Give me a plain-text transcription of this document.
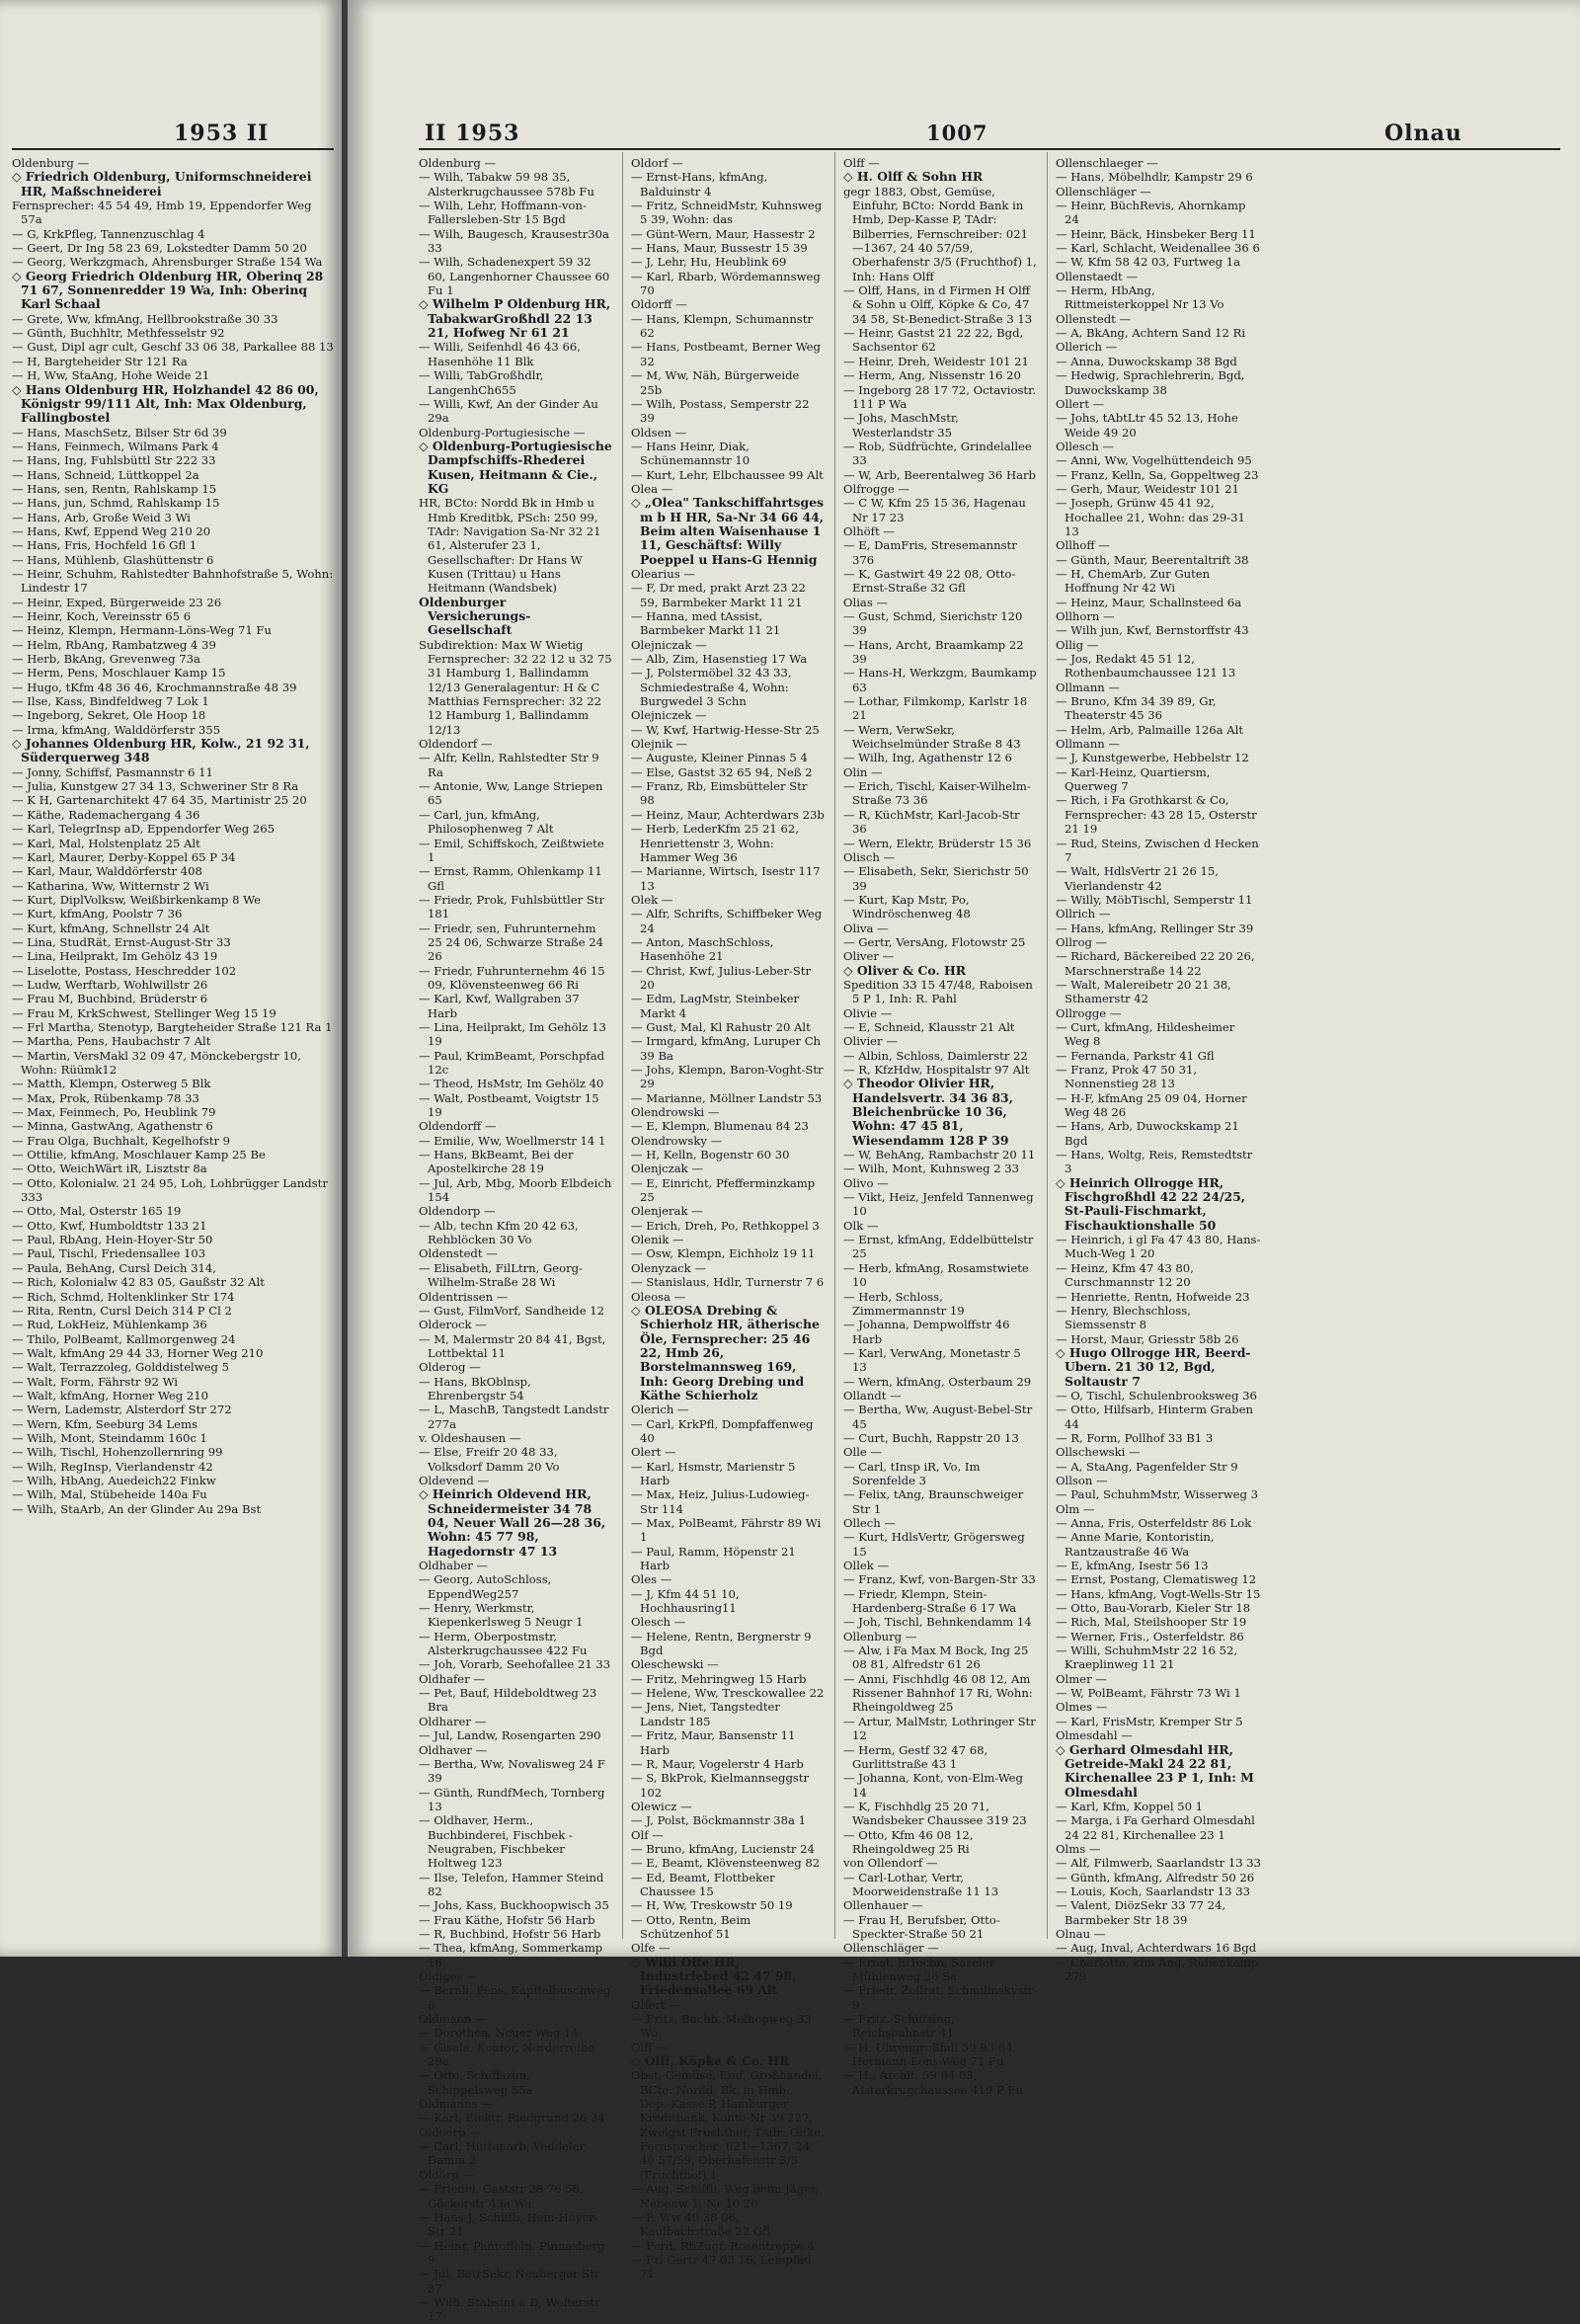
1953 II

Oldenburg —

◇ Friedrich Oldenburg, Uniformschneiderei HR, Maßschneiderei

Fernsprecher: 45 54 49, Hmb 19, Eppendorfer Weg 57a

— G, KrkPfleg, Tannenzuschlag 4

— Geert, Dr Ing 58 23 69, Lokstedter Damm 50 20

— Georg, Werkzgmach, Ahrensburger Straße 154 Wa

◇ Georg Friedrich Oldenburg HR, Oberinq 28 71 67, Sonnenredder 19 Wa, Inh: Oberinq Karl Schaal

— Grete, Ww, kfmAng, Hellbrookstraße 30 33

— Günth, Buchhltr, Methfesselstr 92

— Gust, Dipl agr cult, Geschf 33 06 38, Parkallee 88 13

— H, Bargteheider Str 121 Ra

— H, Ww, StaAng, Hohe Weide 21

◇ Hans Oldenburg HR, Holzhandel 42 86 00, Königstr 99/111 Alt, Inh: Max Oldenburg, Fallingbostel

— Hans, MaschSetz, Bilser Str 6d 39

— Hans, Feinmech, Wilmans Park 4

— Hans, Ing, Fuhlsbüttl Str 222 33

— Hans, Schneid, Lüttkoppel 2a

— Hans, sen, Rentn, Rahlskamp 15

— Hans, jun, Schmd, Rahlskamp 15

— Hans, Arb, Große Weid 3 Wi

— Hans, Kwf, Eppend Weg 210 20

— Hans, Fris, Hochfeld 16 Gfl 1

— Hans, Mühlenb, Glashüttenstr 6

— Heinr, Schuhm, Rahlstedter Bahnhofstraße 5, Wohn: Lindestr 17

— Heinr, Exped, Bürgerweide 23 26

— Heinr, Koch, Vereinsstr 65 6

— Heinz, Klempn, Hermann-Löns-Weg 71 Fu

— Helm, RbAng, Rambatzweg 4 39

— Herb, BkAng, Grevenweg 73a

— Herm, Pens, Moschlauer Kamp 15

— Hugo, tKfm 48 36 46, Krochmannstraße 48 39

— Ilse, Kass, Bindfeldweg 7 Lok 1

— Ingeborg, Sekret, Ole Hoop 18

— Irma, kfmAng, Walddörferstr 355

◇ Johannes Oldenburg HR, Kolw., 21 92 31, Süderquerweg 348

— Jonny, Schiffsf, Pasmannstr 6 11

— Julia, Kunstgew 27 34 13, Schweriner Str 8 Ra

— K H, Gartenarchitekt 47 64 35, Martinistr 25 20

— Käthe, Rademachergang 4 36

— Karl, TelegrInsp aD, Eppendorfer Weg 265

— Karl, Mal, Holstenplatz 25 Alt

— Karl, Maurer, Derby-Koppel 65 P 34

— Karl, Maur, Walddörferstr 408

— Katharina, Ww, Witternstr 2 Wi

— Kurt, DiplVolksw, Weißbirkenkamp 8 We

— Kurt, kfmAng, Poolstr 7 36

— Kurt, kfmAng, Schnellstr 24 Alt

— Lina, StudRät, Ernst-August-Str 33

— Lina, Heilprakt, Im Gehölz 43 19

— Liselotte, Postass, Heschredder 102

— Ludw, Werftarb, Wohlwillstr 26

— Frau M, Buchbind, Brüderstr 6

— Frau M, KrkSchwest, Stellinger Weg 15 19

— Frl Martha, Stenotyp, Bargteheider Straße 121 Ra 1

— Martha, Pens, Haubachstr 7 Alt

— Martin, VersMakl 32 09 47, Mönckebergstr 10, Wohn: Rüümk12

— Matth, Klempn, Osterweg 5 Blk

— Max, Prok, Rübenkamp 78 33

— Max, Feinmech, Po, Heublink 79

— Minna, GastwAng, Agathenstr 6

— Frau Olga, Buchhalt, Kegelhofstr 9

— Ottilie, kfmAng, Moschlauer Kamp 25 Be

— Otto, WeichWärt iR, Lisztstr 8a

— Otto, Kolonialw. 21 24 95, Loh, Lohbrügger Landstr 333

— Otto, Mal, Osterstr 165 19

— Otto, Kwf, Humboldtstr 133 21

— Paul, RbAng, Hein-Hoyer-Str 50

— Paul, Tischl, Friedensallee 103

— Paula, BehAng, Cursl Deich 314,

— Rich, Kolonialw 42 83 05, Gaußstr 32 Alt

— Rich, Schmd, Holtenklinker Str 174

— Rita, Rentn, Cursl Deich 314 P Cl 2

— Rud, LokHeiz, Mühlenkamp 36

— Thilo, PolBeamt, Kallmorgenweg 24

— Walt, kfmAng 29 44 33, Horner Weg 210

— Walt, Terrazzoleg, Golddistelweg 5

— Walt, Form, Fährstr 92 Wi

— Walt, kfmAng, Horner Weg 210

— Wern, Lademstr, Alsterdorf Str 272

— Wern, Kfm, Seeburg 34 Lems

— Wilh, Mont, Steindamm 160c 1

— Wilh, Tischl, Hohenzollernring 99

— Wilh, RegInsp, Vierlandenstr 42

— Wilh, HbAng, Auedeich22 Finkw

— Wilh, Mal, Stübeheide 140a Fu

— Wilh, StaArb, An der Glinder Au 29a Bst

II 1953	1007	Olnau

Oldenburg —

— Wilh, Tabakw 59 98 35, Alsterkrugchaussee 578b Fu

— Wilh, Lehr, Hoffmann-von-Fallersleben-Str 15 Bgd

— Wilh, Baugesch, Krausestr30a 33

— Wilh, Schadenexpert 59 32 60, Langenhorner Chaussee 60 Fu 1

◇ Wilhelm P Oldenburg HR, TabakwarGroßhdl 22 13 21, Hofweg Nr 61 21

— Willi, Seifenhdl 46 43 66, Hasenhöhe 11 Blk

— Willi, TabGroßhdlr, LangenhCh655

— Willi, Kwf, An der Ginder Au 29a

Oldenburg-Portugiesische —

◇ Oldenburg-Portugiesische Dampfschiffs-Rhederei Kusen, Heitmann & Cie., KG

HR, BCto: Nordd Bk in Hmb u Hmb Kreditbk, PSch: 250 99, TAdr: Navigation Sa-Nr 32 21 61, Alsterufer 23 1, Gesellschafter: Dr Hans W Kusen (Trittau) u Hans Heitmann (Wandsbek)

Oldenburger Versicherungs-Gesellschaft

Subdirektion: Max W Wietig Fernsprecher: 32 22 12 u 32 75 31 Hamburg 1, Ballindamm 12/13 Generalagentur: H & C Matthias Fernsprecher: 32 22 12 Hamburg 1, Ballindamm 12/13

Oldendorf —

— Alfr, Kelln, Rahlstedter Str 9 Ra

— Antonie, Ww, Lange Striepen 65

— Carl, jun, kfmAng, Philosophenweg 7 Alt

— Emil, Schiffskoch, Zeißtwiete 1

— Ernst, Ramm, Ohlenkamp 11 Gfl

— Friedr, Prok, Fuhlsbüttler Str 181

— Friedr, sen, Fuhrunternehm 25 24 06, Schwarze Straße 24 26

— Friedr, Fuhrunternehm 46 15 09, Klövensteenweg 66 Ri

— Karl, Kwf, Wallgraben 37 Harb

— Lina, Heilprakt, Im Gehölz 13 19

— Paul, KrimBeamt, Porschpfad 12c

— Theod, HsMstr, Im Gehölz 40

— Walt, Postbeamt, Voigtstr 15 19

Oldendorff —

— Emilie, Ww, Woellmerstr 14 1

— Hans, BkBeamt, Bei der Apostelkirche 28 19

— Jul, Arb, Mbg, Moorb Elbdeich 154

Oldendorp —

— Alb, techn Kfm 20 42 63, Rehblöcken 30 Vo

Oldenstedt —

— Elisabeth, FilLtrn, Georg-Wilhelm-Straße 28 Wi

Oldentrissen —

— Gust, FilmVorf, Sandheide 12

Olderock —

— M, Malermstr 20 84 41, Bgst, Lottbektal 11

Olderog —

— Hans, BkOblnsp, Ehrenbergstr 54

— L, MaschB, Tangstedt Landstr 277a

v. Oldeshausen —

— Else, Freifr 20 48 33, Volksdorf Damm 20 Vo

Oldevend —

◇ Heinrich Oldevend HR, Schneidermeister 34 78 04, Neuer Wall 26—28 36, Wohn: 45 77 98, Hagedornstr 47 13

Oldhaber —

— Georg, AutoSchloss, EppendWeg257

— Henry, Werkmstr, Kiepenkerlsweg 5 Neugr 1

— Herm, Oberpostmstr, Alsterkrugchaussee 422 Fu

— Joh, Vorarb, Seehofallee 21 33

Oldhafer —

— Pet, Bauf, Hildeboldtweg 23 Bra

Oldharer —

— Jul, Landw, Rosengarten 290

Oldhaver —

— Bertha, Ww, Novalisweg 24 F 39

— Günth, RundfMech, Tornberg 13

— Oldhaver, Herm., Buchbinderei, Fischbek - Neugraben, Fischbeker Holtweg 123

— Ilse, Telefon, Hammer Steind 82

— Johs, Kass, Buckhoopwisch 35

— Frau Käthe, Hofstr 56 Harb

— R, Buchbind, Hofstr 56 Harb

— Thea, kfmAng, Sommerkamp 16

Oldiges —

— Bernh, Pens, Kapitelbuschweg 8

Oldmann —

— Dorothea, Neuer Weg 14

— Gisela, Kontor, Norderreihe 29a

— Otto, Schiffszim, Schippelsweg 55a

Oldmanns —

— Karl, Elektr, Riedgrund 26 34

Oldoerp —

— Carl, Hüttenarb, Veddeler Damm 2

Oldörp —

— Friedel, Gaststr 28 76 58, Göckerstr 43a Wa

— Hans-J, Schiffb, Hein-Hoyer-Str 21

— Heinr, Pantoffeln, Pinnasberg 9

— Jul, BetrSekr, Neuberger Str 37

— Wilh, Stabsint a D, Wolterstr 17

Oldorf —

— Ernst-Hans, kfmAng, Balduinstr 4

— Fritz, SchneidMstr, Kuhnsweg 5 39, Wohn: das

— Günt-Wern, Maur, Hassestr 2

— Hans, Maur, Bussestr 15 39

— J, Lehr, Hu, Heublink 69

— Karl, Rbarb, Wördemannsweg 70

Oldorff —

— Hans, Klempn, Schumannstr 62

— Hans, Postbeamt, Berner Weg 32

— M, Ww, Näh, Bürgerweide 25b

— Wilh, Postass, Semperstr 22 39

Oldsen —

— Hans Heinr, Diak, Schünemannstr 10

— Kurt, Lehr, Elbchaussee 99 Alt

Olea —

◇ „Olea" Tankschiffahrtsges m b H HR, Sa-Nr 34 66 44, Beim alten Waisenhause 1 11, Geschäftsf: Willy Poeppel u Hans-G Hennig

Olearius —

— F, Dr med, prakt Arzt 23 22 59, Barmbeker Markt 11 21

— Hanna, med tAssist, Barmbeker Markt 11 21

Olejniczak —

— Alb, Zim, Hasenstieg 17 Wa

— J, Polstermöbel 32 43 33, Schmiedestraße 4, Wohn: Burgwedel 3 Schn

Olejniczek —

— W, Kwf, Hartwig-Hesse-Str 25

Olejnik —

— Auguste, Kleiner Pinnas 5 4

— Else, Gastst 32 65 94, Neß 2

— Franz, Rb, Eimsbütteler Str 98

— Heinz, Maur, Achterdwars 23b

— Herb, LederKfm 25 21 62, Henriettenstr 3, Wohn: Hammer Weg 36

— Marianne, Wirtsch, Isestr 117 13

Olek —

— Alfr, Schrifts, Schiffbeker Weg 24

— Anton, MaschSchloss, Hasenhöhe 21

— Christ, Kwf, Julius-Leber-Str 20

— Edm, LagMstr, Steinbeker Markt 4

— Gust, Mal, Kl Rahustr 20 Alt

— Irmgard, kfmAng, Luruper Ch 39 Ba

— Johs, Klempn, Baron-Voght-Str 29

— Marianne, Möllner Landstr 53

Olendrowski —

— E, Klempn, Blumenau 84 23

Olendrowsky —

— H, Kelln, Bogenstr 60 30

Olenjczak —

— E, Einricht, Pfefferminzkamp 25

Olenjerak —

— Erich, Dreh, Po, Rethkoppel 3

Olenik —

— Osw, Klempn, Eichholz 19 11

Olenyzack —

— Stanislaus, Hdlr, Turnerstr 7 6

Oleosa —

◇ OLEOSA Drebing & Schierholz HR, ätherische Öle, Fernsprecher: 25 46 22, Hmb 26, Borstelmannsweg 169, Inh: Georg Drebing und Käthe Schierholz

Olerich —

— Carl, KrkPfl, Dompfaffenweg 40

Olert —

— Karl, Hsmstr, Marienstr 5 Harb

— Max, Heiz, Julius-Ludowieg-Str 114

— Max, PolBeamt, Fährstr 89 Wi 1

— Paul, Ramm, Höpenstr 21 Harb

Oles —

— J, Kfm 44 51 10, Hochhausring11

Olesch —

— Helene, Rentn, Bergnerstr 9 Bgd

Oleschewski —

— Fritz, Mehringweg 15 Harb

— Helene, Ww, Tresckowallee 22

— Jens, Niet, Tangstedter Landstr 185

— Fritz, Maur, Bansenstr 11 Harb

— R, Maur, Vogelerstr 4 Harb

— S, BkProk, Kielmannseggstr 102

Olewicz —

— J, Polst, Böckmannstr 38a 1

Olf —

— Bruno, kfmAng, Lucienstr 24

— E, Beamt, Klövensteenweg 82

— Ed, Beamt, Flottbeker Chaussee 15

— H, Ww, Treskowstr 50 19

— Otto, Rentn, Beim Schützenhof 51

Olfe —

◇ Willi Olfe HR, Industriebed 42 47 98, Friedensallee 69 Alt

Olfert —

— Fritz, Buchh, Melhopweg 33 Wo

Olff —

◇ Olff, Köpke & Co. HR

Obst, Gemüse, Einf, Großhandel, BCto: Nordd. Bk. in Hmb., Dep.-Kasse P, Hamburger Kreditbank, Konto-Nr 39 227, Zweigst Fruchthof, TAdr: Olfko, Fernsprecher: 021—1367, 24 40 57/59, Oberhafenstr 3/5 (Fruchthof) 1

— Aug, Schiffb, Weg beim Jäger, Nebenw 1, Nr 10 20

— F, Ww 49 38 06, Kaulbachstraße 22 Gfl

— Ferd, RbZugf, Rosentreppe 4

— Frl Gertr 47 03 16, Leinpfad 71

Olff —

◇ H. Olff & Sohn HR

gegr 1883, Obst, Gemüse, Einfuhr, BCto: Nordd Bank in Hmb, Dep-Kasse P, TAdr: Bilberries, Fernschreiber: 021—1367, 24 40 57/59, Oberhafenstr 3/5 (Fruchthof) 1, Inh: Hans Olff

— Olff, Hans, in d Firmen H Olff & Sohn u Olff, Köpke & Co, 47 34 58, St-Benedict-Straße 3 13

— Heinr, Gastst 21 22 22, Bgd, Sachsentor 62

— Heinr, Dreh, Weidestr 101 21

— Herm, Ang, Nissenstr 16 20

— Ingeborg 28 17 72, Octaviostr. 111 P Wa

— Johs, MaschMstr, Westerlandstr 35

— Rob, Südfrüchte, Grindelallee 33

— W, Arb, Beerentalweg 36 Harb

Olfrogge —

— C W, Kfm 25 15 36, Hagenau Nr 17 23

Olhöft —

— E, DamFris, Stresemannstr 376

— K, Gastwirt 49 22 08, Otto-Ernst-Straße 32 Gfl

Olias —

— Gust, Schmd, Sierichstr 120 39

— Hans, Archt, Braamkamp 22 39

— Hans-H, Werkzgm, Baumkamp 63

— Lothar, Filmkomp, Karlstr 18 21

— Wern, VerwSekr, Weichselmünder Straße 8 43

— Wilh, Ing, Agathenstr 12 6

Olin —

— Erich, Tischl, Kaiser-Wilhelm-Straße 73 36

— R, KüchMstr, Karl-Jacob-Str 36

— Wern, Elektr, Brüderstr 15 36

Olisch —

— Elisabeth, Sekr, Sierichstr 50 39

— Kurt, Kap Mstr, Po, Windröschenweg 48

Oliva —

— Gertr, VersAng, Flotowstr 25

Oliver —

◇ Oliver & Co. HR

Spedition 33 15 47/48, Raboisen 5 P 1, Inh: R. Pahl

Olivie —

— E, Schneid, Klausstr 21 Alt

Olivier —

— Albin, Schloss, Daimlerstr 22

— R, KfzHdw, Hospitalstr 97 Alt

◇ Theodor Olivier HR, Handelsvertr. 34 36 83, Bleichenbrücke 10 36, Wohn: 47 45 81, Wiesendamm 128 P 39

— W, BehAng, Rambachstr 20 11

— Wilh, Mont, Kuhnsweg 2 33

Olivo —

— Vikt, Heiz, Jenfeld Tannenweg 10

Olk —

— Ernst, kfmAng, Eddelbüttelstr 25

— Herb, kfmAng, Rosamstwiete 10

— Herb, Schloss, Zimmermannstr 19

— Johanna, Dempwolffstr 46 Harb

— Karl, VerwAng, Monetastr 5 13

— Wern, kfmAng, Osterbaum 29

Ollandt —

— Bertha, Ww, August-Bebel-Str 45

— Curt, Buchh, Rappstr 20 13

Olle —

— Carl, tInsp iR, Vo, Im Sorenfelde 3

— Felix, tAng, Braunschweiger Str 1

Ollech —

— Kurt, HdlsVertr, Grögersweg 15

Ollek —

— Franz, Kwf, von-Bargen-Str 33

— Friedr, Klempn, Stein-Hardenberg-Straße 6 17 Wa

— Joh, Tischl, Behnkendamm 14

Ollenburg —

— Alw, i Fa Max M Bock, Ing 25 08 81, Alfredstr 61 26

— Anni, Fischhdlg 46 08 12, Am Rissener Bahnhof 17 Ri, Wohn: Rheingoldweg 25

— Artur, MalMstr, Lothringer Str 12

— Herm, Gestf 32 47 68, Gurlittstraße 43 1

— Johanna, Kont, von-Elm-Weg 14

— K, Fischhdlg 25 20 71, Wandsbeker Chaussee 319 23

— Otto, Kfm 46 08 12, Rheingoldweg 25 Ri

von Ollendorf —

— Carl-Lothar, Vertr, Moorweidenstraße 11 13

Ollenhauer —

— Frau H, Berufsber, Otto-Speckter-Straße 50 21

Ollenschläger —

— Ernst, ElTechn, Saseler Mühlenweg 26 Sa

— Friedr, Zollrat, Schmilinskystr 9

— Fritz, Schiffsing, Reichsbahnstr 41

— H, Uhrengroßhdl 59 93 64, Hermann-Löns-Weg 71 Fu

— H., Archit. 59 84 03, Alsterkrugchaussee 419 P Fu

Ollenschlaeger —

— Hans, Möbelhdlr, Kampstr 29 6

Ollenschläger —

— Heinr, BüchRevis, Ahornkamp 24

— Heinr, Bäck, Hinsbeker Berg 11

— Karl, Schlacht, Weidenallee 36 6

— W, Kfm 58 42 03, Furtweg 1a

Ollenstaedt —

— Herm, HbAng, Rittmeisterkoppel Nr 13 Vo

Ollenstedt —

— A, BkAng, Achtern Sand 12 Ri

Ollerich —

— Anna, Duwockskamp 38 Bgd

— Hedwig, Sprachlehrerin, Bgd, Duwockskamp 38

Ollert —

— Johs, tAbtLtr 45 52 13, Hohe Weide 49 20

Ollesch —

— Anni, Ww, Vogelhüttendeich 95

— Franz, Kelln, Sa, Goppeltweg 23

— Gerh, Maur, Weidestr 101 21

— Joseph, Grünw 45 41 92, Hochallee 21, Wohn: das 29-31 13

Ollhoff —

— Günth, Maur, Beerentaltrift 38

— H, ChemArb, Zur Guten Hoffnung Nr 42 Wi

— Heinz, Maur, Schallnsteed 6a

Ollhorn —

— Wilh jun, Kwf, Bernstorffstr 43

Ollig —

— Jos, Redakt 45 51 12, Rothenbaumchaussee 121 13

Ollmann —

— Bruno, Kfm 34 39 89, Gr, Theaterstr 45 36

— Helm, Arb, Palmaille 126a Alt

Ollmann —

— J, Kunstgewerbe, Hebbelstr 12

— Karl-Heinz, Quartiersm, Querweg 7

— Rich, i Fa Grothkarst & Co, Fernsprecher: 43 28 15, Osterstr 21 19

— Rud, Steins, Zwischen d Hecken 7

— Walt, HdlsVertr 21 26 15, Vierlandenstr 42

— Willy, MöbTischl, Semperstr 11

Ollrich —

— Hans, kfmAng, Rellinger Str 39

Ollrog —

— Richard, Bäckereibed 22 20 26, Marschnerstraße 14 22

— Walt, Malereibetr 20 21 38, Sthamerstr 42

Ollrogge —

— Curt, kfmAng, Hildesheimer Weg 8

— Fernanda, Parkstr 41 Gfl

— Franz, Prok 47 50 31, Nonnenstieg 28 13

— H-F, kfmAng 25 09 04, Horner Weg 48 26

— Hans, Arb, Duwockskamp 21 Bgd

— Hans, Woltg, Reis, Remstedtstr 3

◇ Heinrich Ollrogge HR, Fischgroßhdl 42 22 24/25, St-Pauli-Fischmarkt, Fischauktionshalle 50

— Heinrich, i gl Fa 47 43 80, Hans-Much-Weg 1 20

— Heinz, Kfm 47 43 80, Curschmannstr 12 20

— Henriette, Rentn, Hofweide 23

— Henry, Blechschloss, Siemssenstr 8

— Horst, Maur, Griesstr 58b 26

◇ Hugo Ollrogge HR, Beerd-Ubern. 21 30 12, Bgd, Soltaustr 7

— O, Tischl, Schulenbrooksweg 36

— Otto, Hilfsarb, Hinterm Graben 44

— R, Form, Pollhof 33 B1 3

Ollschewski —

— A, StaAng, Pagenfelder Str 9

Ollson —

— Paul, SchuhmMstr, Wisserweg 3

Olm —

— Anna, Fris, Osterfeldstr 86 Lok

— Anne Marie, Kontoristin, Rantzaustraße 46 Wa

— E, kfmAng, Isestr 56 13

— Ernst, Postang, Clematisweg 12

— Hans, kfmAng, Vogt-Wells-Str 15

— Otto, Bau-Vorarb, Kieler Str 18

— Rich, Mal, Steilshooper Str 19

— Werner, Fris., Osterfeldstr. 86

— Willi, SchuhmMstr 22 16 52, Kraeplinweg 11 21

Olmer —

— W, PolBeamt, Fährstr 73 Wi 1

Olmes —

— Karl, FrisMstr, Kremper Str 5

Olmesdahl —

◇ Gerhard Olmesdahl HR, Getreide-Makl 24 22 81, Kirchenallee 23 P 1, Inh: M Olmesdahl

— Karl, Kfm, Koppel 50 1

— Marga, i Fa Gerhard Olmesdahl 24 22 81, Kirchenallee 23 1

Olms —

— Alf, Filmwerb, Saarlandstr 13 33

— Günth, kfmAng, Alfredstr 50 26

— Louis, Koch, Saarlandstr 13 33

— Valent, DiözSekr 33 77 24, Barmbeker Str 18 39

Olnau —

— Aug, Inval, Achterdwars 16 Bgd

— Charlotte, kfm Ang, Rübenkamp 279
